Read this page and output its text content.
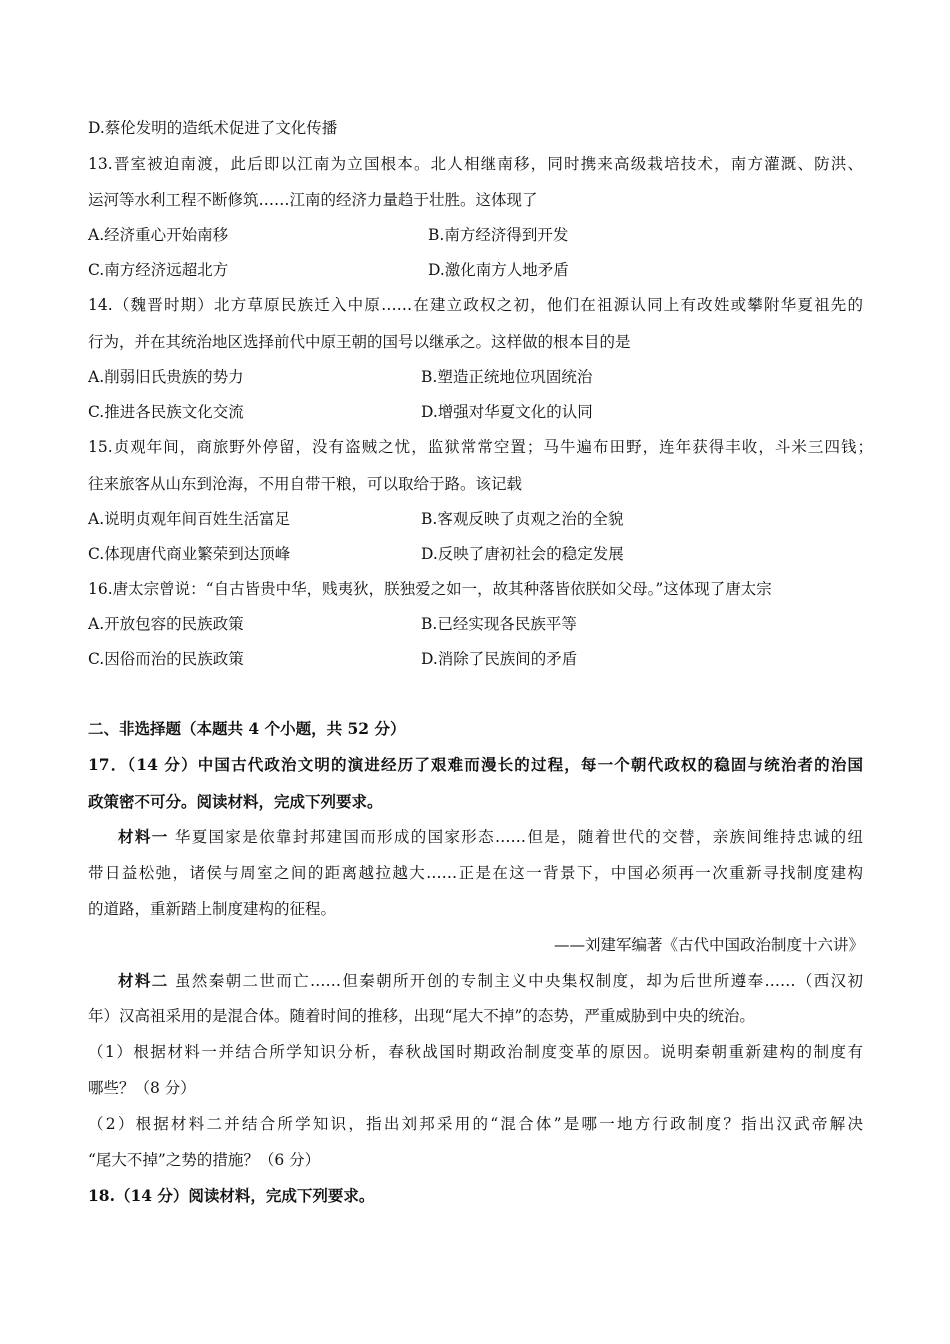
D.蔡伦发明的造纸术促进了文化传播
13.晋室被迫南渡，此后即以江南为立国根本。北人相继南移，同时携来高级栽培技术，南方灌溉、防洪、
运河等水利工程不断修筑……江南的经济力量趋于壮胜。这体现了
A.经济重心开始南移	B.南方经济得到开发
C.南方经济远超北方	D.激化南方人地矛盾
14.（魏晋时期）北方草原民族迁入中原……在建立政权之初，他们在祖源认同上有改姓或攀附华夏祖先的
行为，并在其统治地区选择前代中原王朝的国号以继承之。这样做的根本目的是
A.削弱旧氏贵族的势力	B.塑造正统地位巩固统治
C.推进各民族文化交流	D.增强对华夏文化的认同
15.贞观年间，商旅野外停留，没有盗贼之忧，监狱常常空置；马牛遍布田野，连年获得丰收，斗米三四钱；
往来旅客从山东到沧海，不用自带干粮，可以取给于路。该记载
A.说明贞观年间百姓生活富足	B.客观反映了贞观之治的全貌
C.体现唐代商业繁荣到达顶峰	D.反映了唐初社会的稳定发展
16.唐太宗曾说：“自古皆贵中华，贱夷狄，朕独爱之如一，故其种落皆依朕如父母。”这体现了唐太宗
A.开放包容的民族政策	B.已经实现各民族平等
C.因俗而治的民族政策	D.消除了民族间的矛盾
二、非选择题（本题共 4 个小题，共 52 分）
17．（14 分）中国古代政治文明的演进经历了艰难而漫长的过程，每一个朝代政权的稳固与统治者的治国
政策密不可分。阅读材料，完成下列要求。
材料一 华夏国家是依靠封邦建国而形成的国家形态……但是，随着世代的交替，亲族间维持忠诚的纽
带日益松弛，诸侯与周室之间的距离越拉越大……正是在这一背景下，中国必须再一次重新寻找制度建构
的道路，重新踏上制度建构的征程。
——刘建军编著《古代中国政治制度十六讲》
材料二 虽然秦朝二世而亡……但秦朝所开创的专制主义中央集权制度，却为后世所遵奉……（西汉初
年）汉高祖采用的是混合体。随着时间的推移，出现“尾大不掉”的态势，严重威胁到中央的统治。
（1）根据材料一并结合所学知识分析，春秋战国时期政治制度变革的原因。说明秦朝重新建构的制度有
哪些？（8 分）
（2）根据材料二并结合所学知识，指出刘邦采用的“混合体”是哪一地方行政制度？指出汉武帝解决
“尾大不掉”之势的措施？（6 分）
18.（14 分）阅读材料，完成下列要求。
